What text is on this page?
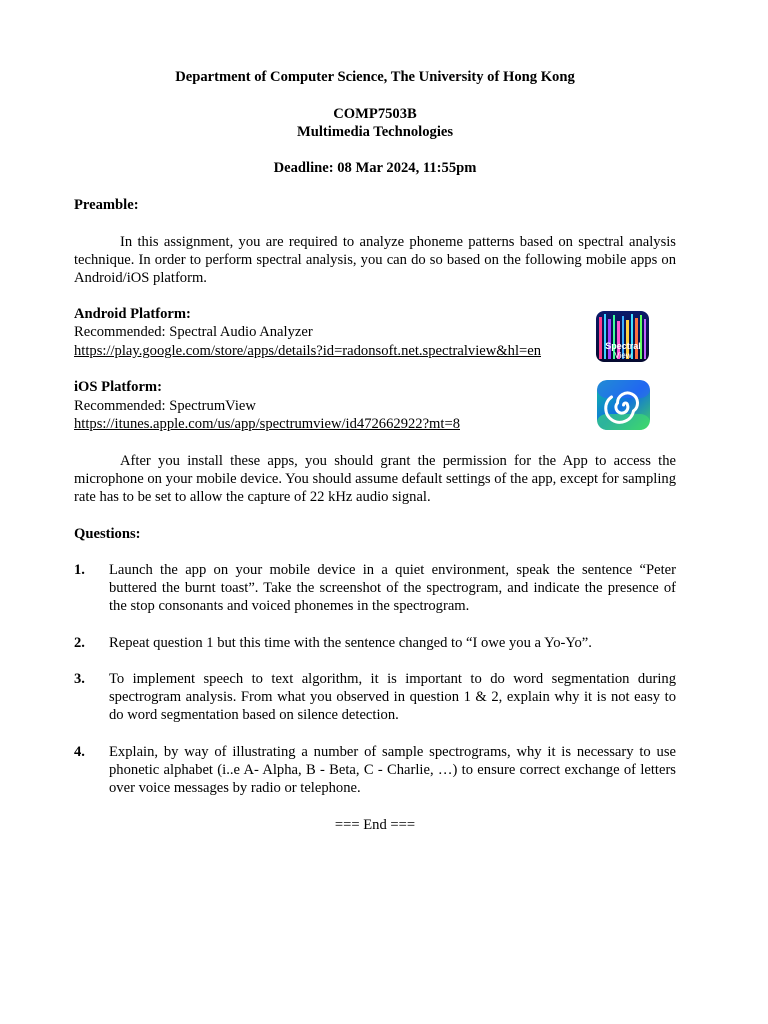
Department of Computer Science, The University of Hong Kong
COMP7503B
Multimedia Technologies
Deadline: 08 Mar 2024, 11:55pm
Preamble:
In this assignment, you are required to analyze phoneme patterns based on spectral analysis technique. In order to perform spectral analysis, you can do so based on the following mobile apps on Android/iOS platform.
Android Platform:
Recommended: Spectral Audio Analyzer
https://play.google.com/store/apps/details?id=radonsoft.net.spectralview&hl=en	Spectral
View
iOS Platform:
Recommended: SpectrumView
https://itunes.apple.com/us/app/spectrumview/id472662922?mt=8
After you install these apps, you should grant the permission for the App to access the microphone on your mobile device. You should assume default settings of the app, except for sampling rate has to be set to allow the capture of 22 kHz audio signal.
Questions:
1.	Launch the app on your mobile device in a quiet environment, speak the sentence “Peter buttered the burnt toast”. Take the screenshot of the spectrogram, and indicate the presence of the stop consonants and voiced phonemes in the spectrogram.
2.	Repeat question 1 but this time with the sentence changed to “I owe you a Yo-Yo”.
3.	To implement speech to text algorithm, it is important to do word segmentation during spectrogram analysis. From what you observed in question 1 & 2, explain why it is not easy to do word segmentation based on silence detection.
4.	Explain, by way of illustrating a number of sample spectrograms, why it is necessary to use phonetic alphabet (i..e A- Alpha, B - Beta, C - Charlie, …) to ensure correct exchange of letters over voice messages by radio or telephone.
=== End ===
